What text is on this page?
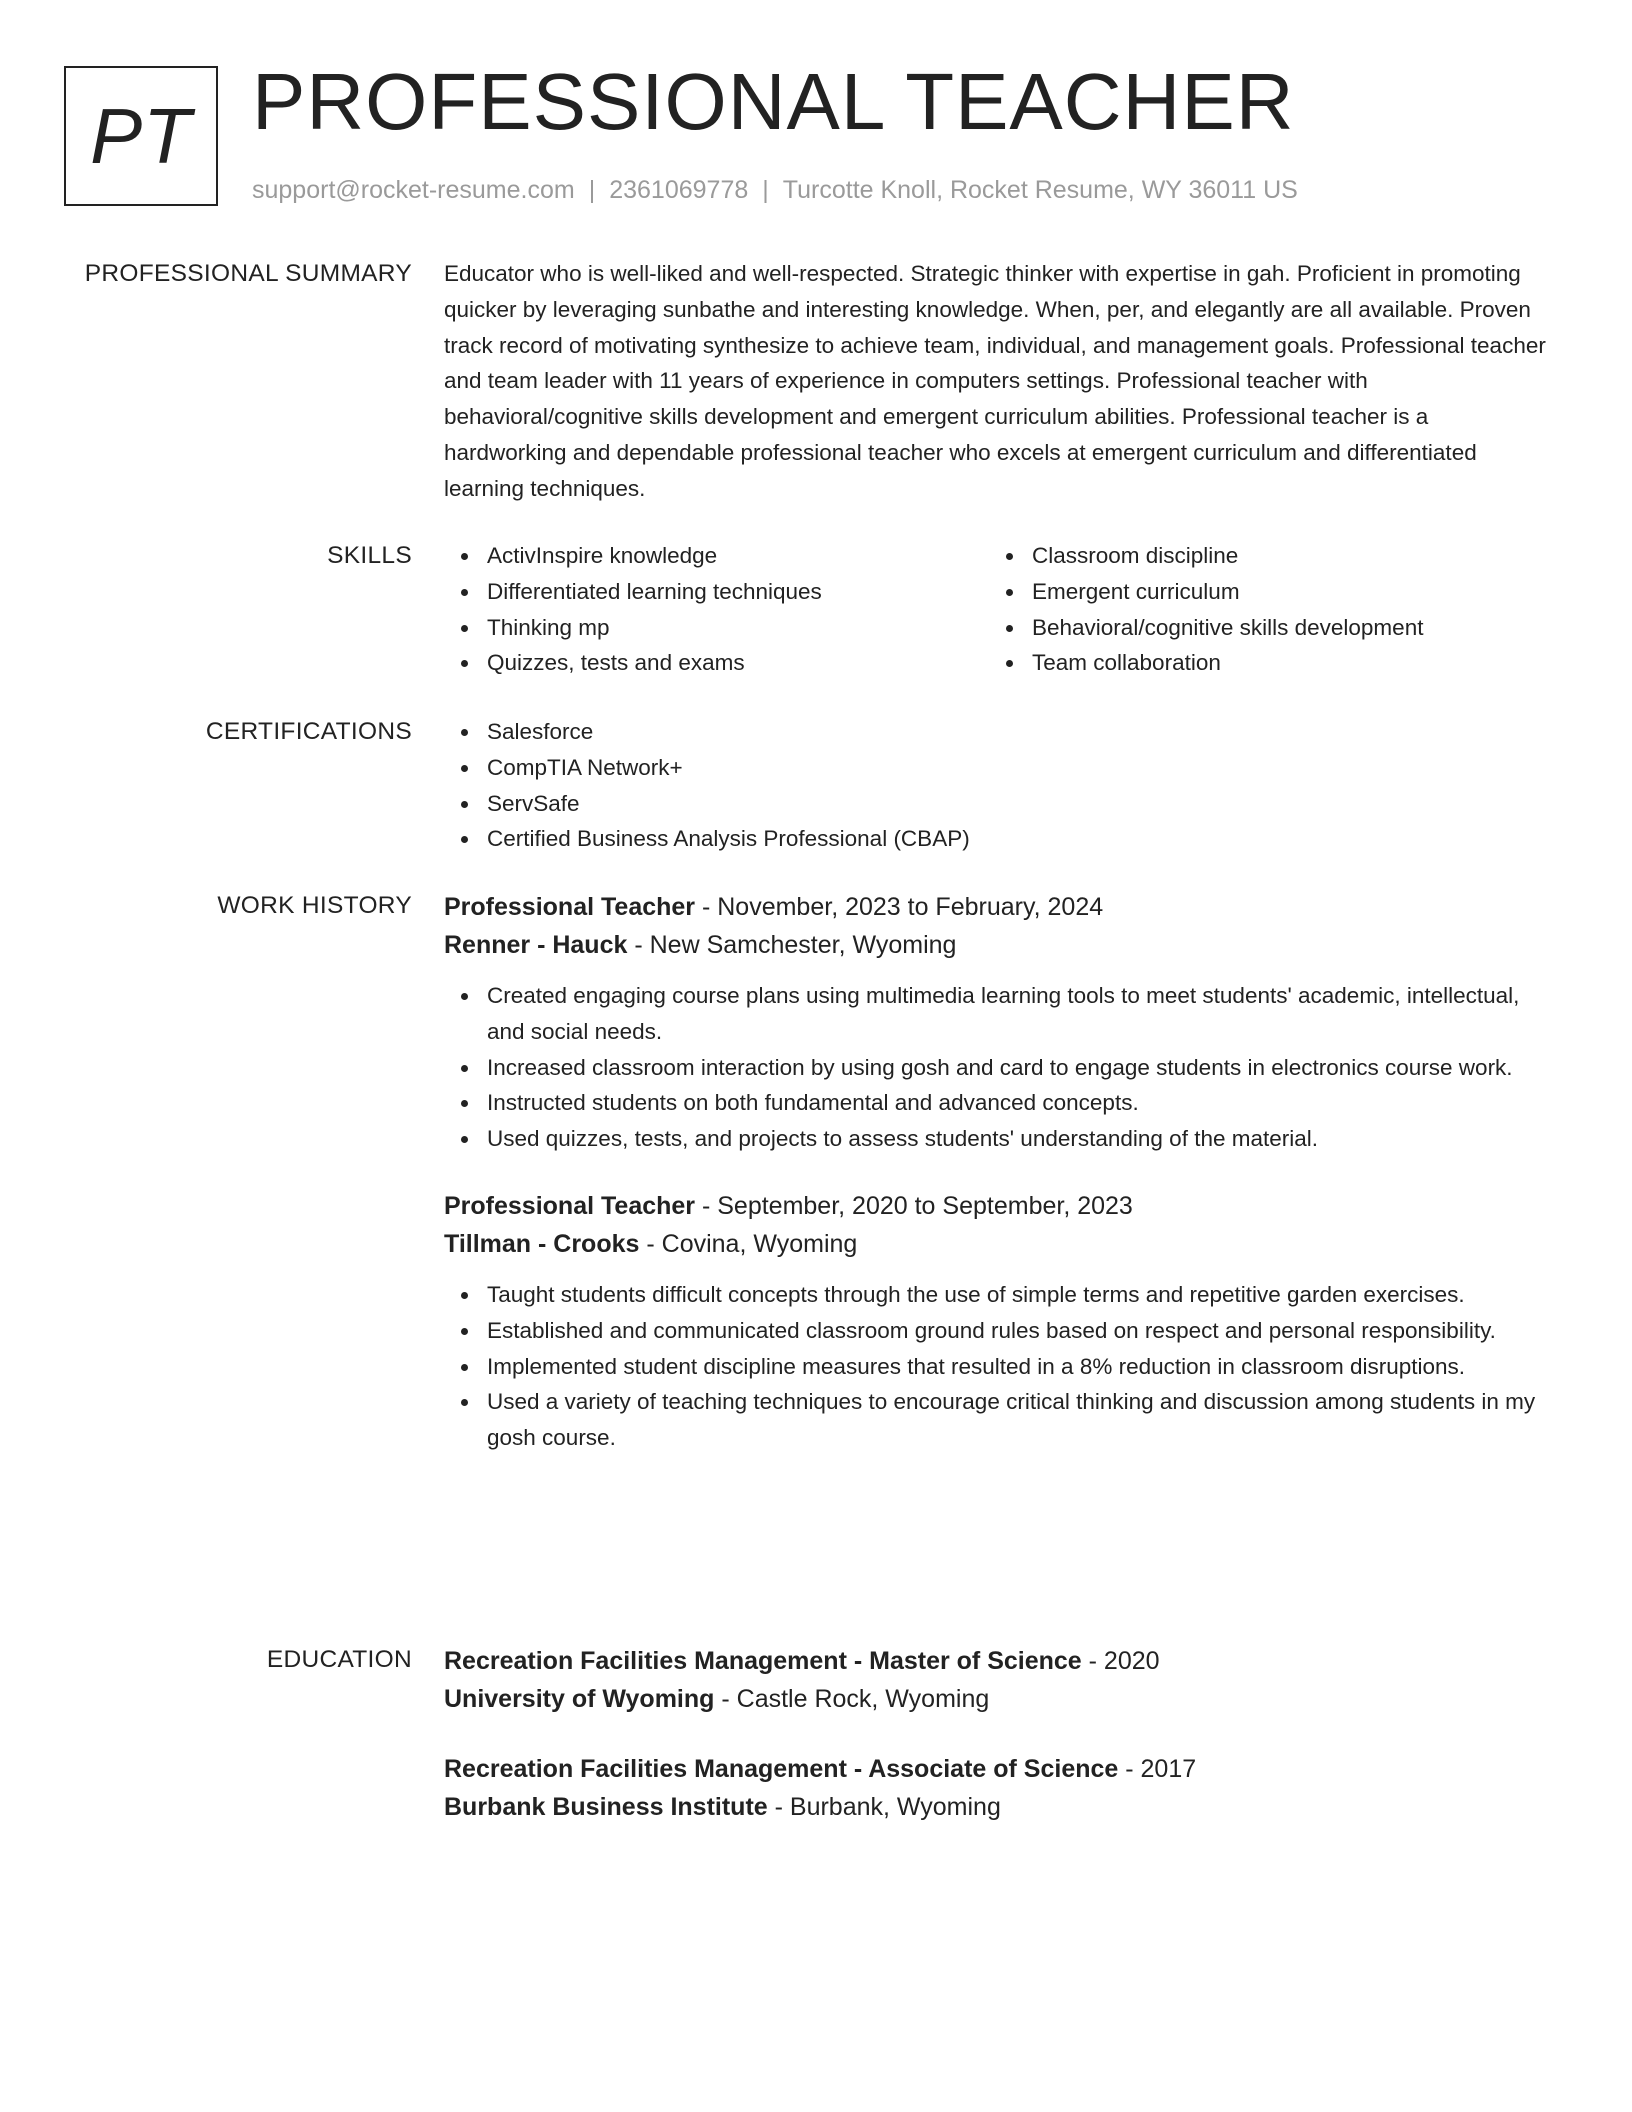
PT PROFESSIONAL TEACHER
support@rocket-resume.com | 2361069778 | Turcotte Knoll, Rocket Resume, WY 36011 US
PROFESSIONAL SUMMARY Educator who is well-liked and well-respected. Strategic thinker with expertise in gah. Proficient in promoting quicker by leveraging sunbathe and interesting knowledge. When, per, and elegantly are all available. Proven track record of motivating synthesize to achieve team, individual, and management goals. Professional teacher and team leader with 11 years of experience in computers settings. Professional teacher with behavioral/cognitive skills development and emergent curriculum abilities. Professional teacher is a hardworking and dependable professional teacher who excels at emergent curriculum and differentiated learning techniques.
SKILLS	ActivInspire knowledge
Differentiated learning techniques
Thinking mp
Quizzes, tests and exams
Classroom discipline
Emergent curriculum
Behavioral/cognitive skills development
Team collaboration
CERTIFICATIONS	Salesforce
CompTIA Network+
ServSafe
Certified Business Analysis Professional (CBAP)
WORK HISTORY Professional Teacher - November, 2023 to February, 2024
Renner - Hauck - New Samchester, Wyoming
Created engaging course plans using multimedia learning tools to meet students' academic, intellectual, and social needs.
Increased classroom interaction by using gosh and card to engage students in electronics course work.
Instructed students on both fundamental and advanced concepts.
Used quizzes, tests, and projects to assess students' understanding of the material.
Professional Teacher - September, 2020 to September, 2023
Tillman - Crooks - Covina, Wyoming
Taught students difficult concepts through the use of simple terms and repetitive garden exercises.
Established and communicated classroom ground rules based on respect and personal responsibility.
Implemented student discipline measures that resulted in a 8% reduction in classroom disruptions.
Used a variety of teaching techniques to encourage critical thinking and discussion among students in my gosh course.
EDUCATION Recreation Facilities Management - Master of Science - 2020
University of Wyoming - Castle Rock, Wyoming
Recreation Facilities Management - Associate of Science - 2017
Burbank Business Institute - Burbank, Wyoming
